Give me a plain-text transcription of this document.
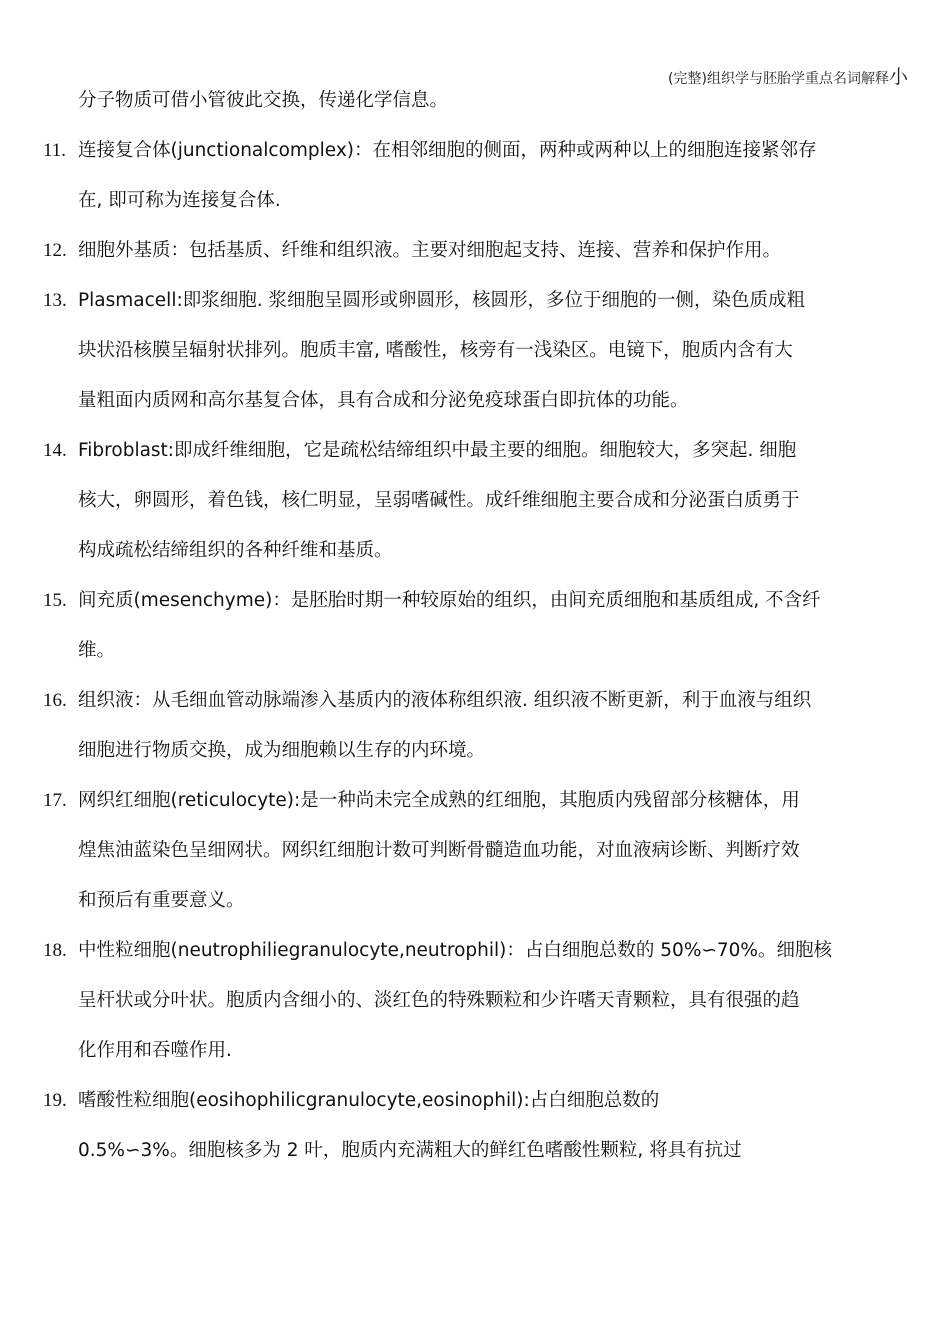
(完整)组织学与胚胎学重点名词解释小
分子物质可借小管彼此交换，传递化学信息。
11. 连接复合体(junctionalcomplex)：在相邻细胞的侧面，两种或两种以上的细胞连接紧邻存
在, 即可称为连接复合体.
12. 细胞外基质：包括基质、纤维和组织液。主要对细胞起支持、连接、营养和保护作用。
13. Plasmacell:即浆细胞. 浆细胞呈圆形或卵圆形，核圆形，多位于细胞的一侧，染色质成粗
块状沿核膜呈辐射状排列。胞质丰富, 嗜酸性，核旁有一浅染区。电镜下，胞质内含有大
量粗面内质网和高尔基复合体，具有合成和分泌免疫球蛋白即抗体的功能。
14. Fibroblast:即成纤维细胞，它是疏松结缔组织中最主要的细胞。细胞较大，多突起. 细胞
核大，卵圆形，着色钱，核仁明显，呈弱嗜碱性。成纤维细胞主要合成和分泌蛋白质勇于
构成疏松结缔组织的各种纤维和基质。
15. 间充质(mesenchyme)：是胚胎时期一种较原始的组织，由间充质细胞和基质组成, 不含纤
维。
16. 组织液：从毛细血管动脉端渗入基质内的液体称组织液. 组织液不断更新，利于血液与组织
细胞进行物质交换，成为细胞赖以生存的内环境。
17. 网织红细胞(reticulocyte):是一种尚未完全成熟的红细胞，其胞质内残留部分核糖体，用
煌焦油蓝染色呈细网状。网织红细胞计数可判断骨髓造血功能，对血液病诊断、判断疗效
和预后有重要意义。
18. 中性粒细胞(neutrophiliegranulocyte,neutrophil)：占白细胞总数的 50%∽70%。细胞核
呈杆状或分叶状。胞质内含细小的、淡红色的特殊颗粒和少许嗜天青颗粒，具有很强的趋
化作用和吞噬作用.
19. 嗜酸性粒细胞(eosihophilicgranulocyte,eosinophil):占白细胞总数的
0.5%∽3%。细胞核多为 2 叶，胞质内充满粗大的鲜红色嗜酸性颗粒, 将具有抗过
